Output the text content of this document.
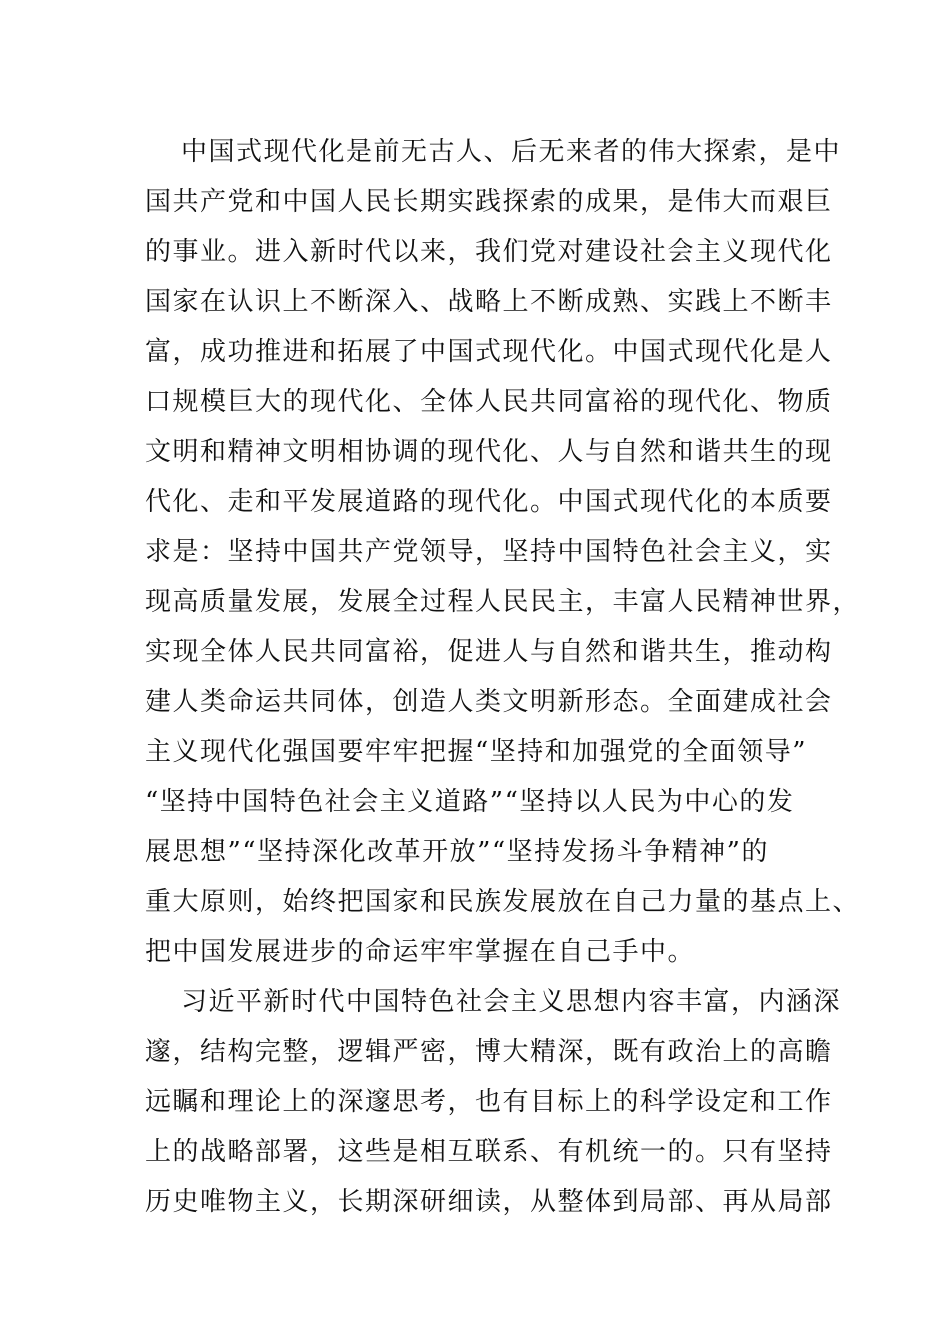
中国式现代化是前无古人、后无来者的伟大探索，是中
国共产党和中国人民长期实践探索的成果，是伟大而艰巨
的事业。进入新时代以来，我们党对建设社会主义现代化
国家在认识上不断深入、战略上不断成熟、实践上不断丰
富，成功推进和拓展了中国式现代化。中国式现代化是人
口规模巨大的现代化、全体人民共同富裕的现代化、物质
文明和精神文明相协调的现代化、人与自然和谐共生的现
代化、走和平发展道路的现代化。中国式现代化的本质要
求是：坚持中国共产党领导，坚持中国特色社会主义，实
现高质量发展，发展全过程人民民主，丰富人民精神世界，
实现全体人民共同富裕，促进人与自然和谐共生，推动构
建人类命运共同体，创造人类文明新形态。全面建成社会
主义现代化强国要牢牢把握“坚持和加强党的全面领导”
“坚持中国特色社会主义道路”“坚持以人民为中心的发
展思想”“坚持深化改革开放”“坚持发扬斗争精神”的
重大原则，始终把国家和民族发展放在自己力量的基点上、
把中国发展进步的命运牢牢掌握在自己手中。
习近平新时代中国特色社会主义思想内容丰富，内涵深
邃，结构完整，逻辑严密，博大精深，既有政治上的高瞻
远瞩和理论上的深邃思考，也有目标上的科学设定和工作
上的战略部署，这些是相互联系、有机统一的。只有坚持
历史唯物主义，长期深研细读，从整体到局部、再从局部
